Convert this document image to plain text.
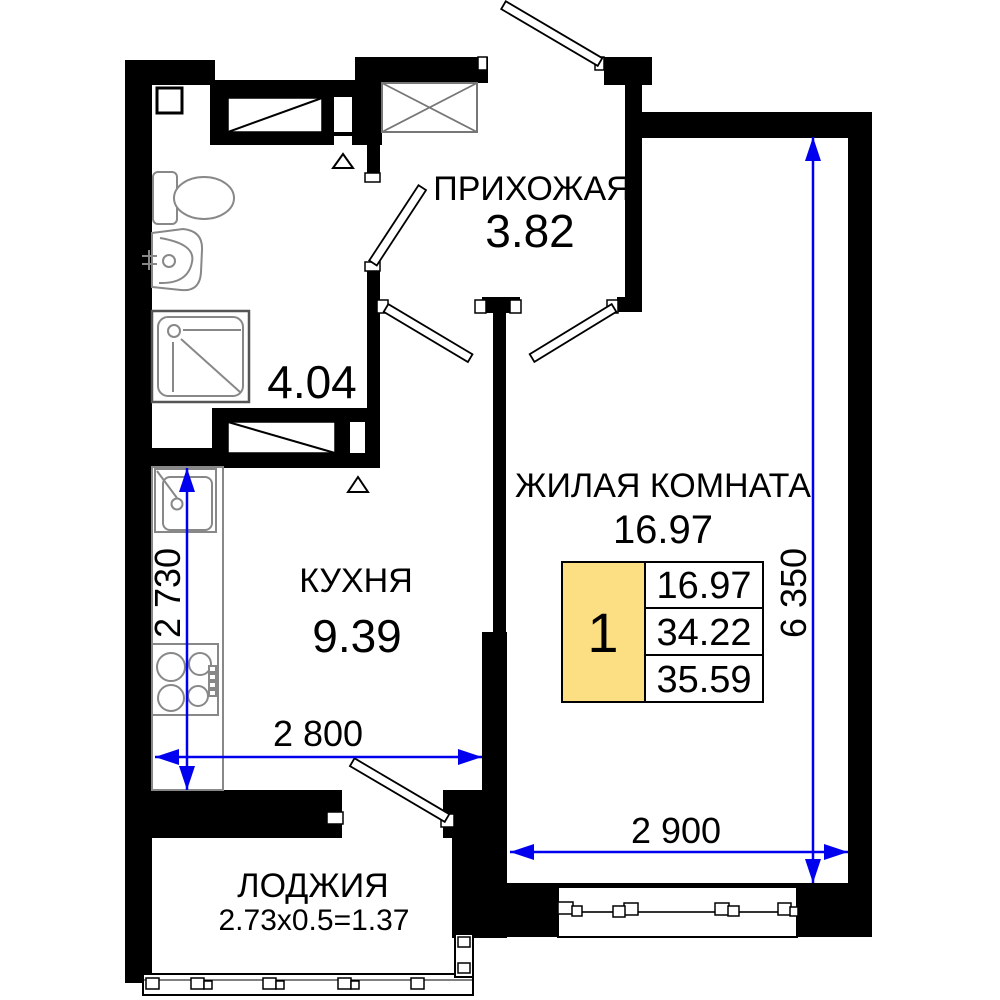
ПРИХОЖАЯ
3.82
4.04
ЖИЛАЯ КОМНАТА
16.97
КУХНЯ
9.39
ЛОДЖИЯ
2.73x0.5=1.37
2 800
2 900
2 730	6 350
1
16.97
34.22
35.59
